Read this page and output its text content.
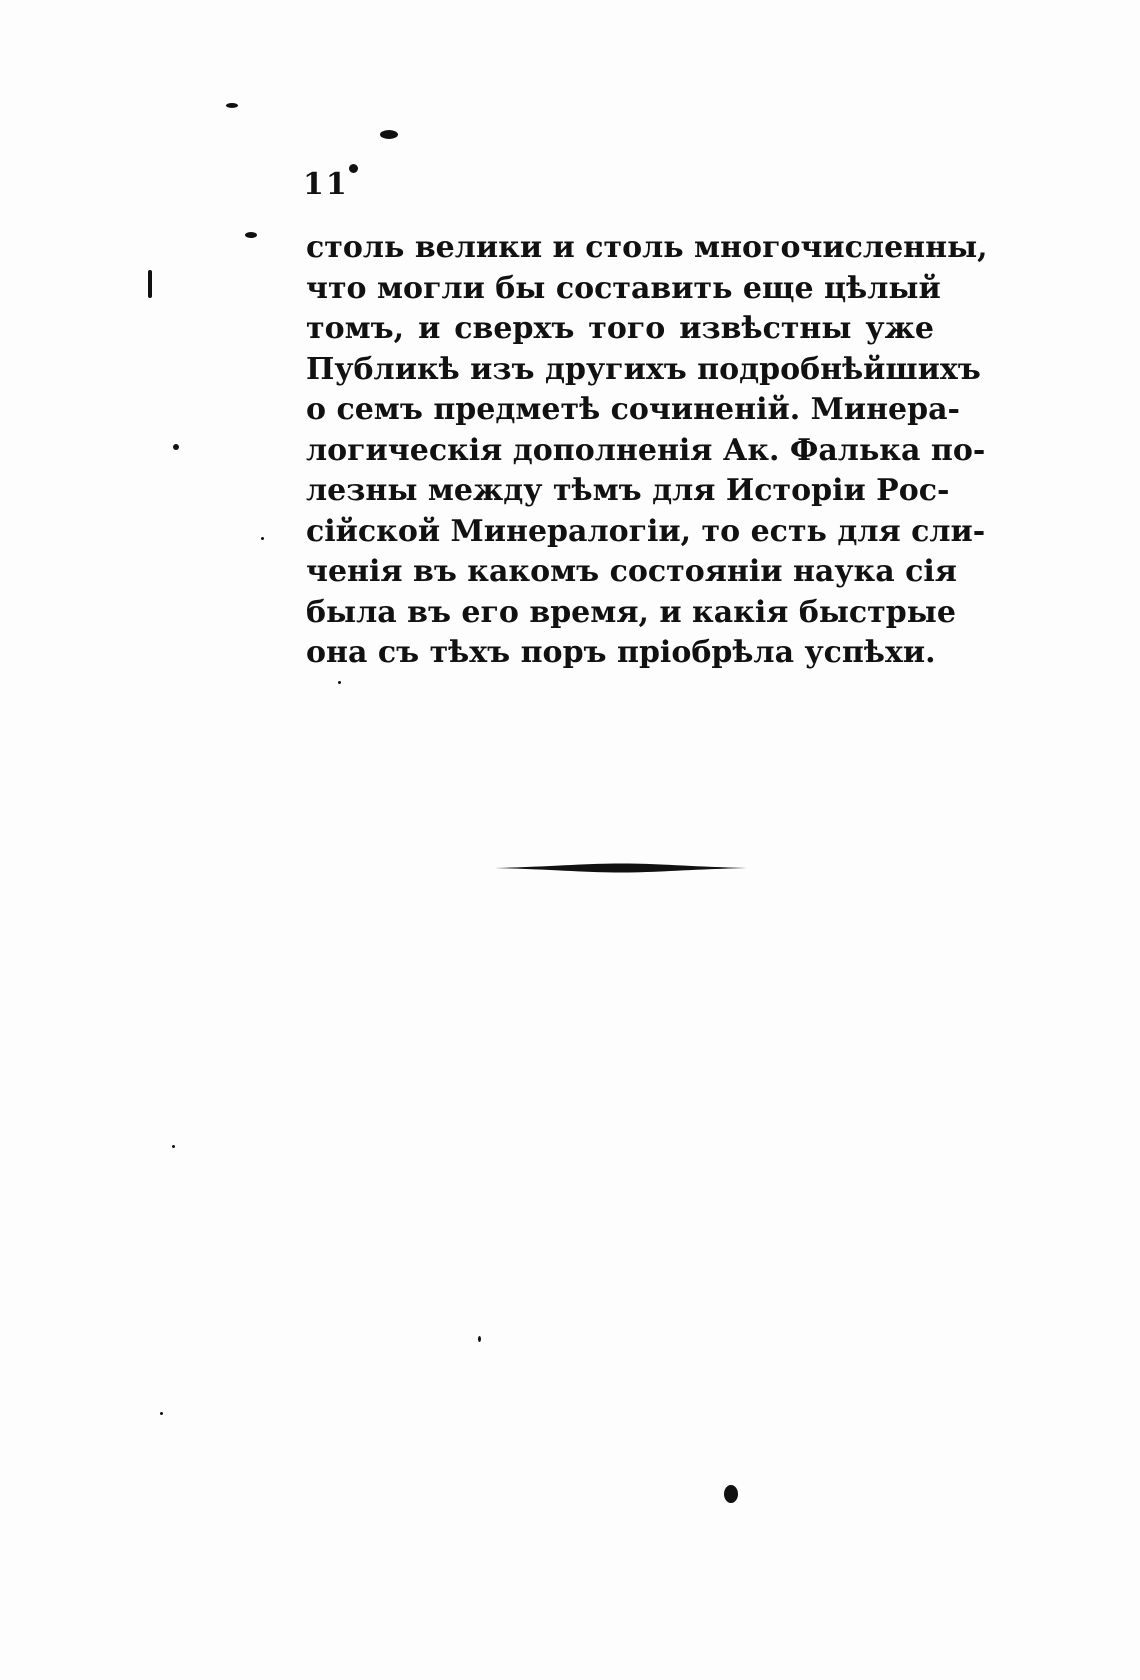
11
столь велики и столь многочисленны,
что могли бы составить еще цѣлый
томъ, и сверхъ того извѣстны уже
Публикѣ изъ другихъ подробнѣйшихъ
о семъ предметѣ сочиненій. Минера-
логическія дополненія Ак. Фалька по-
лезны между тѣмъ для Исторіи Рос-
сійской Минералогіи, то есть для сли-
ченія въ какомъ состояніи наука сія
была въ его время, и какія быстрые
она съ тѣхъ поръ пріобрѣла успѣхи.
